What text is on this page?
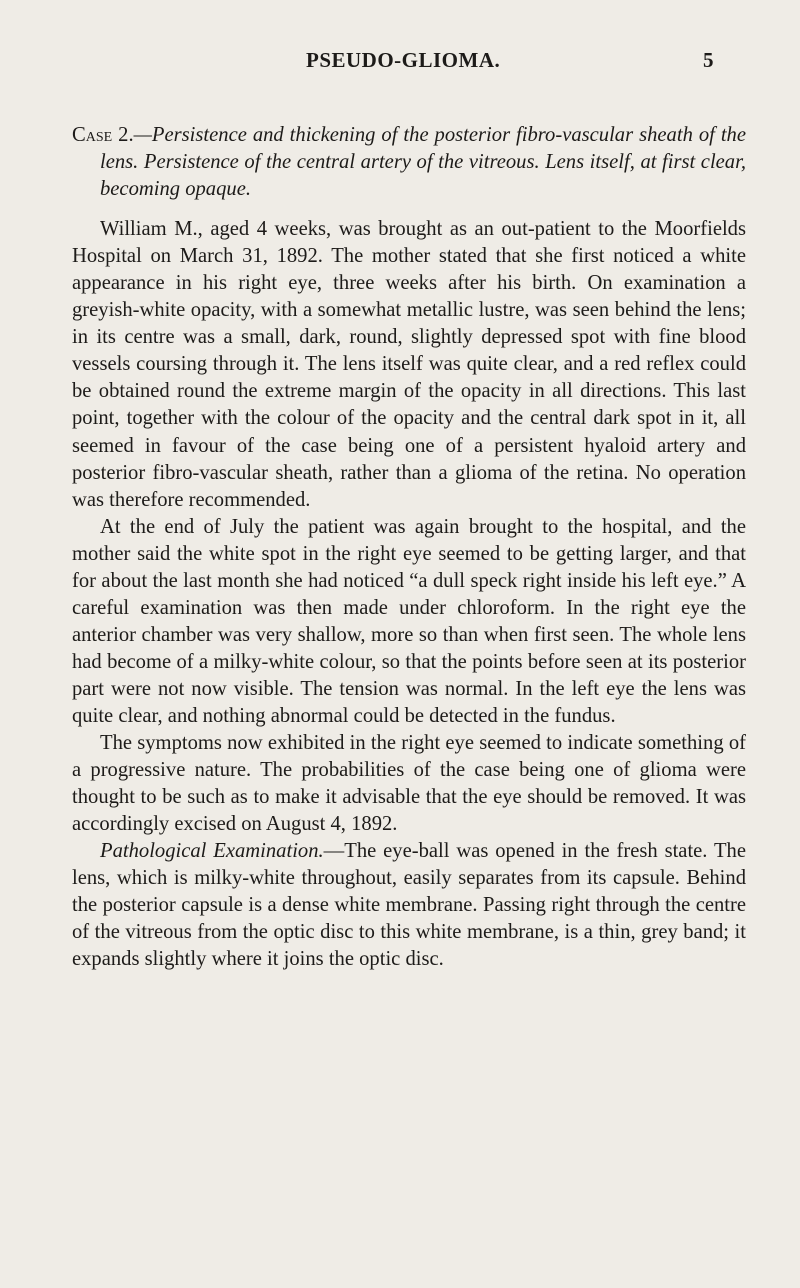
PSEUDO-GLIOMA.	5
Case 2.—Persistence and thickening of the posterior fibro-vascular sheath of the lens. Persistence of the central artery of the vitreous. Lens itself, at first clear, becoming opaque.

William M., aged 4 weeks, was brought as an out-patient to the Moorfields Hospital on March 31, 1892. The mother stated that she first noticed a white appearance in his right eye, three weeks after his birth. On examination a greyish-white opacity, with a somewhat metallic lustre, was seen behind the lens; in its centre was a small, dark, round, slightly depressed spot with fine blood vessels coursing through it. The lens itself was quite clear, and a red reflex could be obtained round the extreme margin of the opacity in all directions. This last point, together with the colour of the opacity and the central dark spot in it, all seemed in favour of the case being one of a persistent hyaloid artery and posterior fibro-vascular sheath, rather than a glioma of the retina. No operation was therefore recommended.

At the end of July the patient was again brought to the hospital, and the mother said the white spot in the right eye seemed to be getting larger, and that for about the last month she had noticed “a dull speck right inside his left eye.” A careful examination was then made under chloroform. In the right eye the anterior chamber was very shallow, more so than when first seen. The whole lens had become of a milky-white colour, so that the points before seen at its posterior part were not now visible. The tension was normal. In the left eye the lens was quite clear, and nothing abnormal could be detected in the fundus.

The symptoms now exhibited in the right eye seemed to indicate something of a progressive nature. The probabilities of the case being one of glioma were thought to be such as to make it advisable that the eye should be removed. It was accordingly excised on August 4, 1892.

Pathological Examination.—The eye-ball was opened in the fresh state. The lens, which is milky-white throughout, easily separates from its capsule. Behind the posterior capsule is a dense white membrane. Passing right through the centre of the vitreous from the optic disc to this white membrane, is a thin, grey band; it expands slightly where it joins the optic disc.
